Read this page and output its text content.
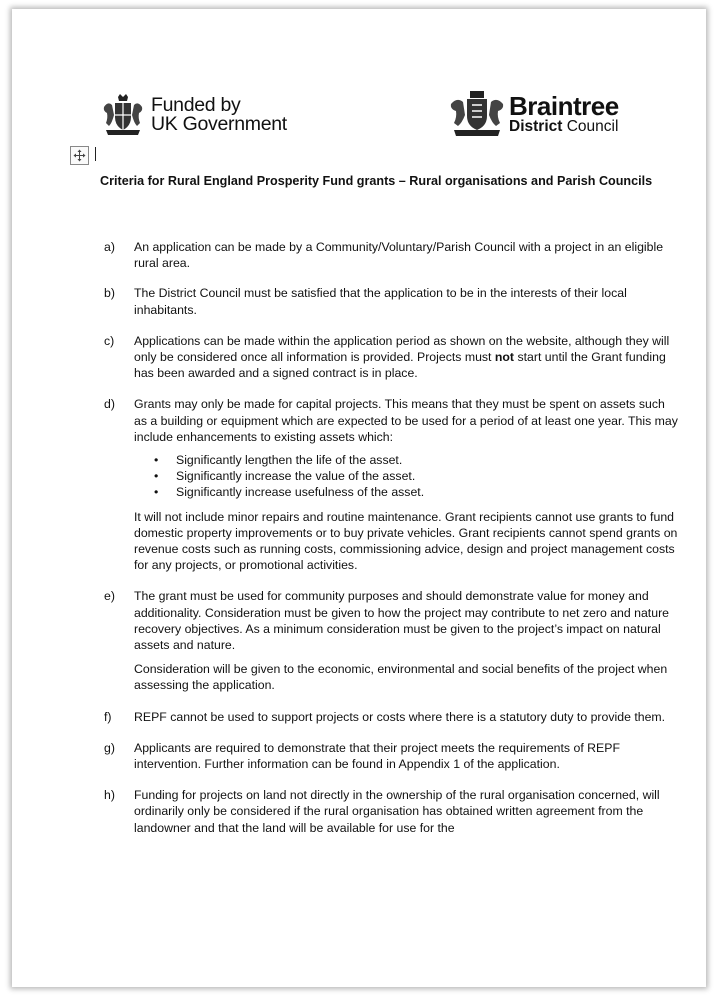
Funded by
UK Government
Braintree
District Council
Criteria for Rural England Prosperity Fund grants – Rural organisations and Parish Councils
a) An application can be made by a Community/Voluntary/Parish Council with a project in an eligible rural area.

b) The District Council must be satisfied that the application to be in the interests of their local inhabitants.

c) Applications can be made within the application period as shown on the website, although they will only be considered once all information is provided. Projects must not start until the Grant funding has been awarded and a signed contract is in place.

d) Grants may only be made for capital projects. This means that they must be spent on assets such as a building or equipment which are expected to be used for a period of at least one year. This may include enhancements to existing assets which:

• Significantly lengthen the life of the asset.
• Significantly increase the value of the asset.
• Significantly increase usefulness of the asset.

It will not include minor repairs and routine maintenance. Grant recipients cannot use grants to fund domestic property improvements or to buy private vehicles. Grant recipients cannot spend grants on revenue costs such as running costs, commissioning advice, design and project management costs for any projects, or promotional activities.

e) The grant must be used for community purposes and should demonstrate value for money and additionality. Consideration must be given to how the project may contribute to net zero and nature recovery objectives. As a minimum consideration must be given to the project’s impact on natural assets and nature.

Consideration will be given to the economic, environmental and social benefits of the project when assessing the application.

f) REPF cannot be used to support projects or costs where there is a statutory duty to provide them.

g) Applicants are required to demonstrate that their project meets the requirements of REPF intervention. Further information can be found in Appendix 1 of the application.

h) Funding for projects on land not directly in the ownership of the rural organisation concerned, will ordinarily only be considered if the rural organisation has obtained written agreement from the landowner and that the land will be available for use for the
